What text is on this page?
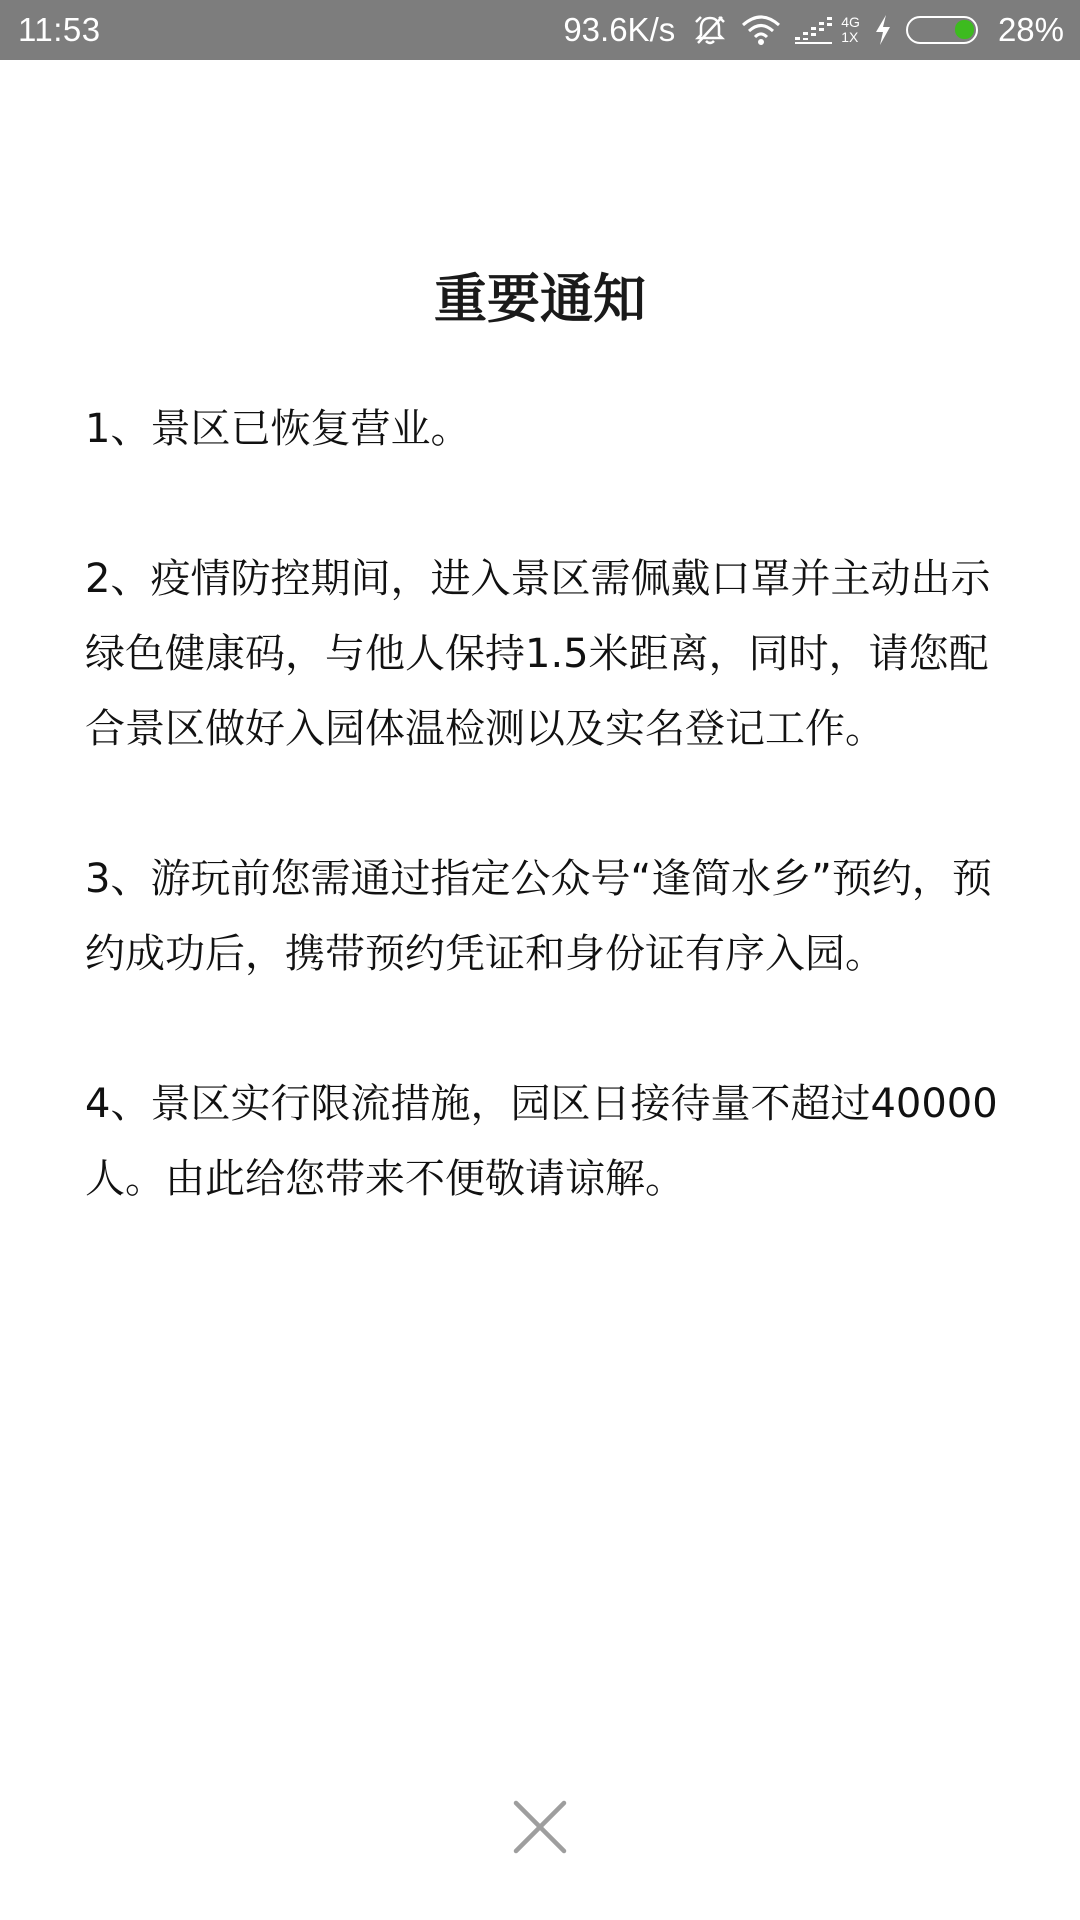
11:53	93.6K/s	4G
1X	28%
重要通知

1、景区已恢复营业。

2、疫情防控期间，进入景区需佩戴口罩并主动出示绿色健康码，与他人保持1.5米距离，同时，请您配合景区做好入园体温检测以及实名登记工作。

3、游玩前您需通过指定公众号“逢简水乡”预约，预约成功后，携带预约凭证和身份证有序入园。

4、景区实行限流措施，园区日接待量不超过40000人。由此给您带来不便敬请谅解。
